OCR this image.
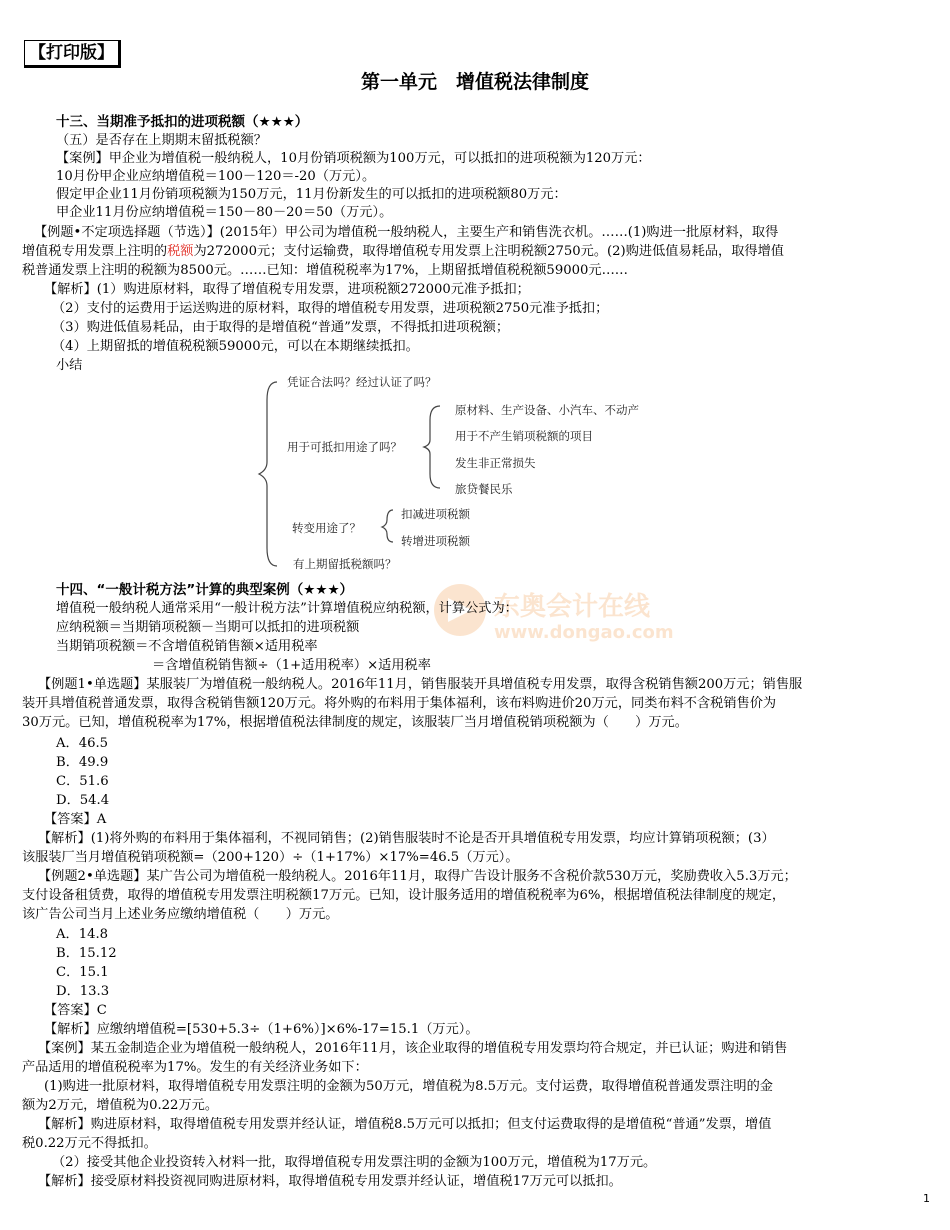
【打印版】
第一单元　增值税法律制度
十三、当期准予抵扣的进项税额（★★★）
（五）是否存在上期期末留抵税额？
【案例】甲企业为增值税一般纳税人，10月份销项税额为100万元，可以抵扣的进项税额为120万元：
10月份甲企业应纳增值税＝100－120＝-20（万元）。
假定甲企业11月份销项税额为150万元，11月份新发生的可以抵扣的进项税额80万元：
甲企业11月份应纳增值税＝150－80－20＝50（万元）。
【例题•不定项选择题（节选）】(2015年）甲公司为增值税一般纳税人，主要生产和销售洗衣机。……(1)购进一批原材料，取得
增值税专用发票上注明的税额为272000元；支付运输费，取得增值税专用发票上注明税额2750元。(2)购进低值易耗品，取得增值
税普通发票上注明的税额为8500元。……已知：增值税税率为17%，上期留抵增值税税额59000元……
【解析】(1）购进原材料，取得了增值税专用发票，进项税额272000元准予抵扣；
（2）支付的运费用于运送购进的原材料，取得的增值税专用发票，进项税额2750元准予抵扣；
（3）购进低值易耗品，由于取得的是增值税“普通”发票，不得抵扣进项税额；
（4）上期留抵的增值税税额59000元，可以在本期继续抵扣。
小结
凭证合法吗？经过认证了吗？
用于可抵扣用途了吗？
原材料、生产设备、小汽车、不动产
用于不产生销项税额的项目
发生非正常损失
旅贷餐民乐
转变用途了？
扣减进项税额
转增进项税额
有上期留抵税额吗？
东奥会计在线
www.dongao.com
十四、“一般计税方法”计算的典型案例（★★★）
增值税一般纳税人通常采用“一般计税方法”计算增值税应纳税额，计算公式为：
应纳税额＝当期销项税额－当期可以抵扣的进项税额
当期销项税额＝不含增值税销售额×适用税率
＝含增值税销售额÷（1+适用税率）×适用税率
【例题1•单选题】某服装厂为增值税一般纳税人。2016年11月，销售服装开具增值税专用发票，取得含税销售额200万元；销售服
装开具增值税普通发票，取得含税销售额120万元。将外购的布料用于集体福利，该布料购进价20万元，同类布料不含税销售价为
30万元。已知，增值税税率为17%，根据增值税法律制度的规定，该服装厂当月增值税销项税额为（　　）万元。
A．46.5
B．49.9
C．51.6
D．54.4
【答案】A
【解析】(1)将外购的布料用于集体福利，不视同销售；(2)销售服装时不论是否开具增值税专用发票，均应计算销项税额；(3）
该服装厂当月增值税销项税额=（200+120）÷（1+17%）×17%=46.5（万元）。
【例题2•单选题】某广告公司为增值税一般纳税人。2016年11月，取得广告设计服务不含税价款530万元，奖励费收入5.3万元；
支付设备租赁费，取得的增值税专用发票注明税额17万元。已知，设计服务适用的增值税税率为6%，根据增值税法律制度的规定，
该广告公司当月上述业务应缴纳增值税（　　）万元。
A．14.8
B．15.12
C．15.1
D．13.3
【答案】C
【解析】应缴纳增值税=[530+5.3÷（1+6%）]×6%-17=15.1（万元）。
【案例】某五金制造企业为增值税一般纳税人，2016年11月，该企业取得的增值税专用发票均符合规定，并已认证；购进和销售
产品适用的增值税税率为17%。发生的有关经济业务如下：
(1)购进一批原材料，取得增值税专用发票注明的金额为50万元，增值税为8.5万元。支付运费，取得增值税普通发票注明的金
额为2万元，增值税为0.22万元。
【解析】购进原材料，取得增值税专用发票并经认证，增值税8.5万元可以抵扣；但支付运费取得的是增值税“普通”发票，增值
税0.22万元不得抵扣。
（2）接受其他企业投资转入材料一批，取得增值税专用发票注明的金额为100万元，增值税为17万元。
【解析】接受原材料投资视同购进原材料，取得增值税专用发票并经认证，增值税17万元可以抵扣。
1
